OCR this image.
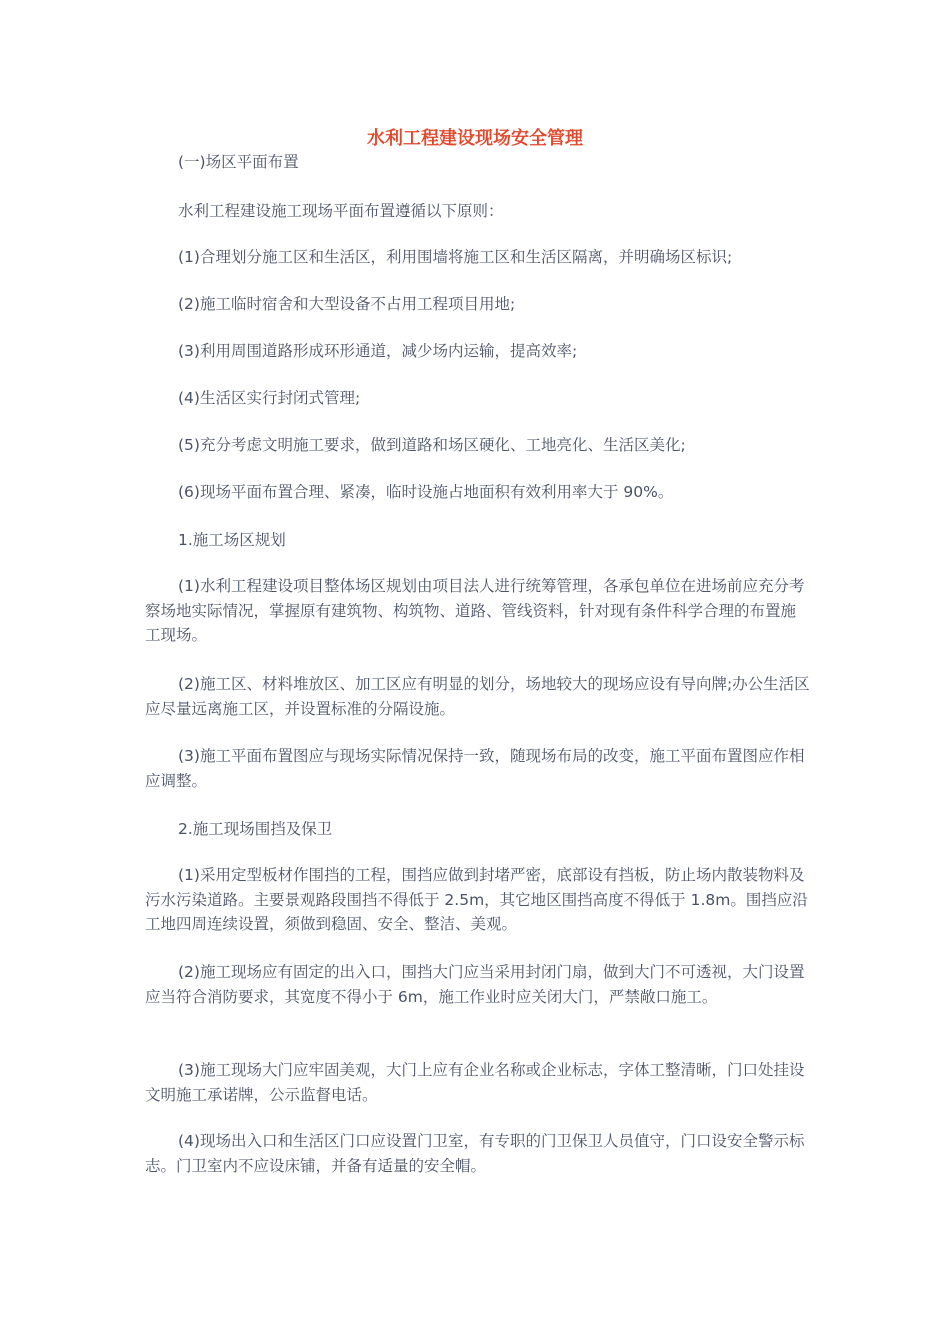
水利工程建设现场安全管理

(一)场区平面布置

水利工程建设施工现场平面布置遵循以下原则：

(1)合理划分施工区和生活区，利用围墙将施工区和生活区隔离，并明确场区标识;

(2)施工临时宿舍和大型设备不占用工程项目用地;

(3)利用周围道路形成环形通道，减少场内运输，提高效率;

(4)生活区实行封闭式管理;

(5)充分考虑文明施工要求，做到道路和场区硬化、工地亮化、生活区美化;

(6)现场平面布置合理、紧凑，临时设施占地面积有效利用率大于 90%。

1.施工场区规划

(1)水利工程建设项目整体场区规划由项目法人进行统筹管理，各承包单位在进场前应充分考察场地实际情况，掌握原有建筑物、构筑物、道路、管线资料，针对现有条件科学合理的布置施工现场。

(2)施工区、材料堆放区、加工区应有明显的划分，场地较大的现场应设有导向牌;办公生活区应尽量远离施工区，并设置标准的分隔设施。

(3)施工平面布置图应与现场实际情况保持一致，随现场布局的改变，施工平面布置图应作相应调整。

2.施工现场围挡及保卫

(1)采用定型板材作围挡的工程，围挡应做到封堵严密，底部设有挡板，防止场内散装物料及污水污染道路。主要景观路段围挡不得低于 2.5m，其它地区围挡高度不得低于 1.8m。围挡应沿工地四周连续设置，须做到稳固、安全、整洁、美观。

(2)施工现场应有固定的出入口，围挡大门应当采用封闭门扇，做到大门不可透视，大门设置应当符合消防要求，其宽度不得小于 6m，施工作业时应关闭大门，严禁敞口施工。

(3)施工现场大门应牢固美观，大门上应有企业名称或企业标志，字体工整清晰，门口处挂设文明施工承诺牌，公示监督电话。

(4)现场出入口和生活区门口应设置门卫室，有专职的门卫保卫人员值守，门口设安全警示标志。门卫室内不应设床铺，并备有适量的安全帽。
